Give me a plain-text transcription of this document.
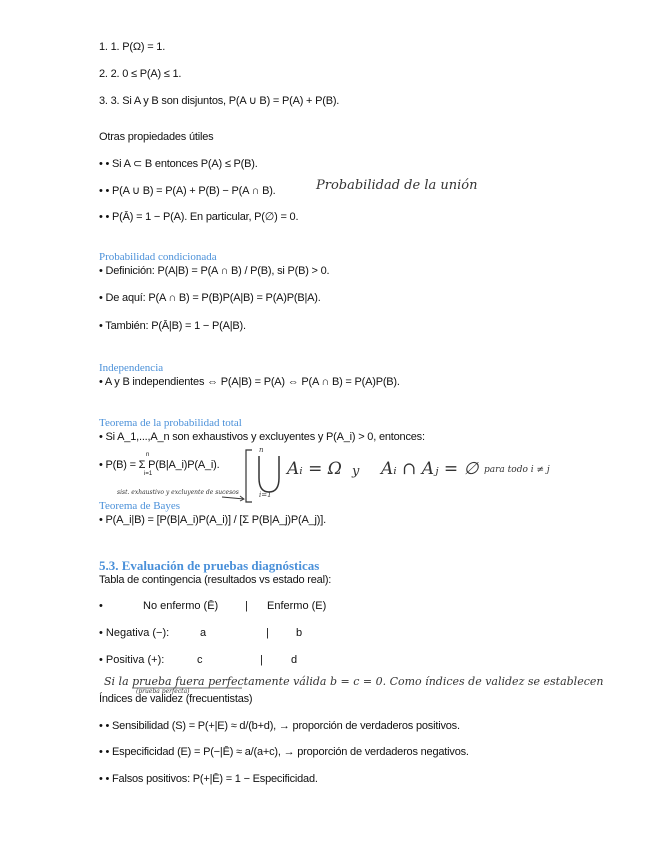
1. 1. P(Ω) = 1.
2. 2. 0 ≤ P(A) ≤ 1.
3. 3. Si A y B son disjuntos, P(A ∪ B) = P(A) + P(B).
Otras propiedades útiles
• • Si A ⊂ B entonces P(A) ≤ P(B).
• • P(A ∪ B) = P(A) + P(B) − P(A ∩ B).	Probabilidad de la unión
• • P(Ā) = 1 − P(A). En particular, P(∅) = 0.
Probabilidad condicionada
• Definición: P(A|B) = P(A ∩ B) / P(B), si P(B) > 0.
• De aquí: P(A ∩ B) = P(B)P(A|B) = P(A)P(B|A).
• También: P(Ā|B) = 1 − P(A|B).
Independencia
• A y B independientes ⇔ P(A|B) = P(A) ⇔ P(A ∩ B) = P(A)P(B).
Teorema de la probabilidad total
• Si A_1,...,A_n son exhaustivos y excluyentes y P(A_i) > 0, entonces:
• P(B) = Σ P(B|A_i)P(A_i).
n
i=1
n
i=1
Aᵢ = Ω y Aᵢ ∩ Aⱼ = ∅ para todo i ≠ j
sist. exhaustivo y excluyente de sucesos
Teorema de Bayes
• P(A_i|B) = [P(B|A_i)P(A_i)] / [Σ P(B|A_j)P(A_j)].
5.3. Evaluación de pruebas diagnósticas
Tabla de contingencia (resultados vs estado real):
•	No enfermo (Ē) | Enfermo (E)
• Negativa (−):	a	| b
• Positiva (+):	c	|	d
Si la prueba fuera perfectamente válida b = c = 0. Como índices de validez se establecen
(prueba perfecta)
Índices de validez (frecuentistas)
• • Sensibilidad (S) = P(+|E) ≈ d/(b+d), → proporción de verdaderos positivos.
• • Especificidad (E) = P(−|Ē) ≈ a/(a+c), → proporción de verdaderos negativos.
• • Falsos positivos: P(+|Ē) = 1 − Especificidad.
